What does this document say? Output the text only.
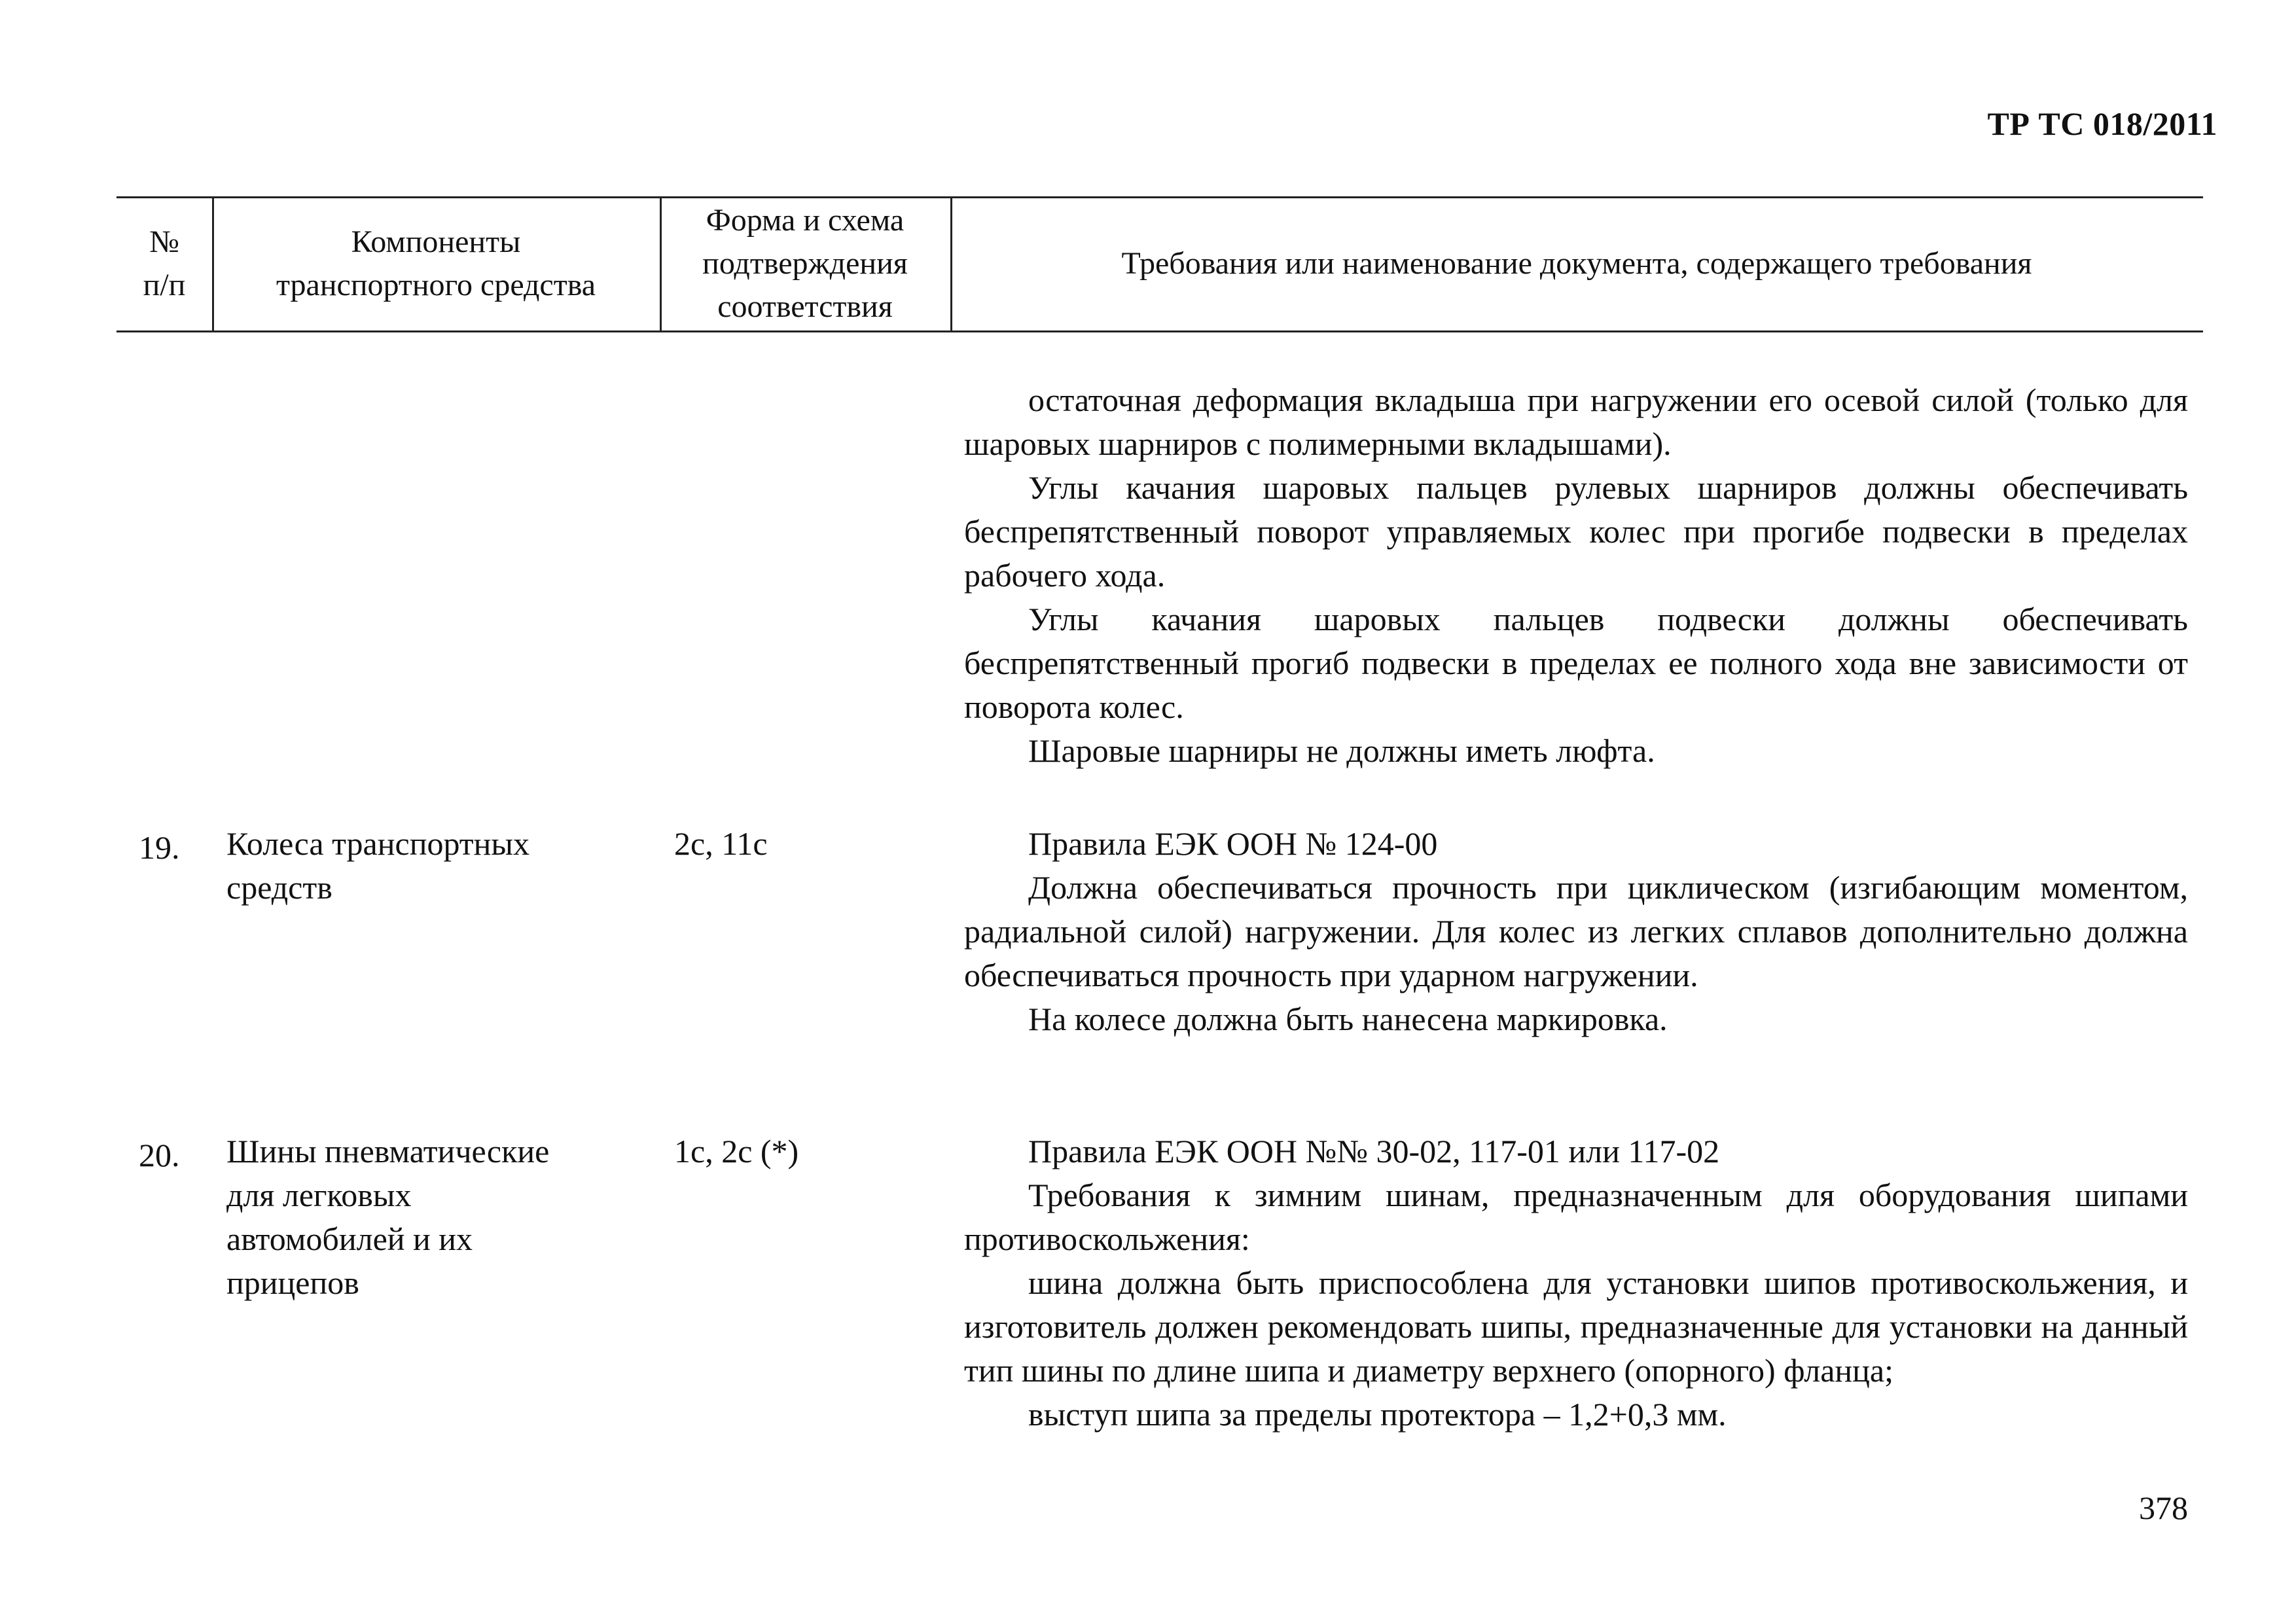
ТР ТС 018/2011
№
п/п
Компоненты
транспортного средства
Форма и схема
подтверждения
соответствия
Требования или наименование документа, содержащего требования

остаточная деформация вкладыша при нагружении его осевой силой (только для шаровых шарниров с полимерными вкладышами).

Углы качания шаровых пальцев рулевых шарниров должны обеспечивать беспрепятственный поворот управляемых колес при прогибе подвески в пределах рабочего хода.

Углы качания шаровых пальцев подвески должны обеспечивать беспрепятственный прогиб подвески в пределах ее полного хода вне зависимости от поворота колес.

Шаровые шарниры не должны иметь люфта.

19. Колеса транспортных
средств
2с, 11с	Правила ЕЭК ООН № 124-00

Должна обеспечиваться прочность при циклическом (изгибающим моментом, радиальной силой) нагружении. Для колес из легких сплавов дополнительно должна обеспечиваться прочность при ударном нагружении.

На колесе должна быть нанесена маркировка.

20. Шины пневматические
для легковых
автомобилей и их
прицепов
1с, 2с (*)	Правила ЕЭК ООН №№ 30-02, 117-01 или 117-02

Требования к зимним шинам, предназначенным для оборудования шипами противоскольжения:

шина должна быть приспособлена для установки шипов противоскольжения, и изготовитель должен рекомендовать шипы, предназначенные для установки на данный тип шины по длине шипа и диаметру верхнего (опорного) фланца;

выступ шипа за пределы протектора – 1,2+0,3 мм.

378
